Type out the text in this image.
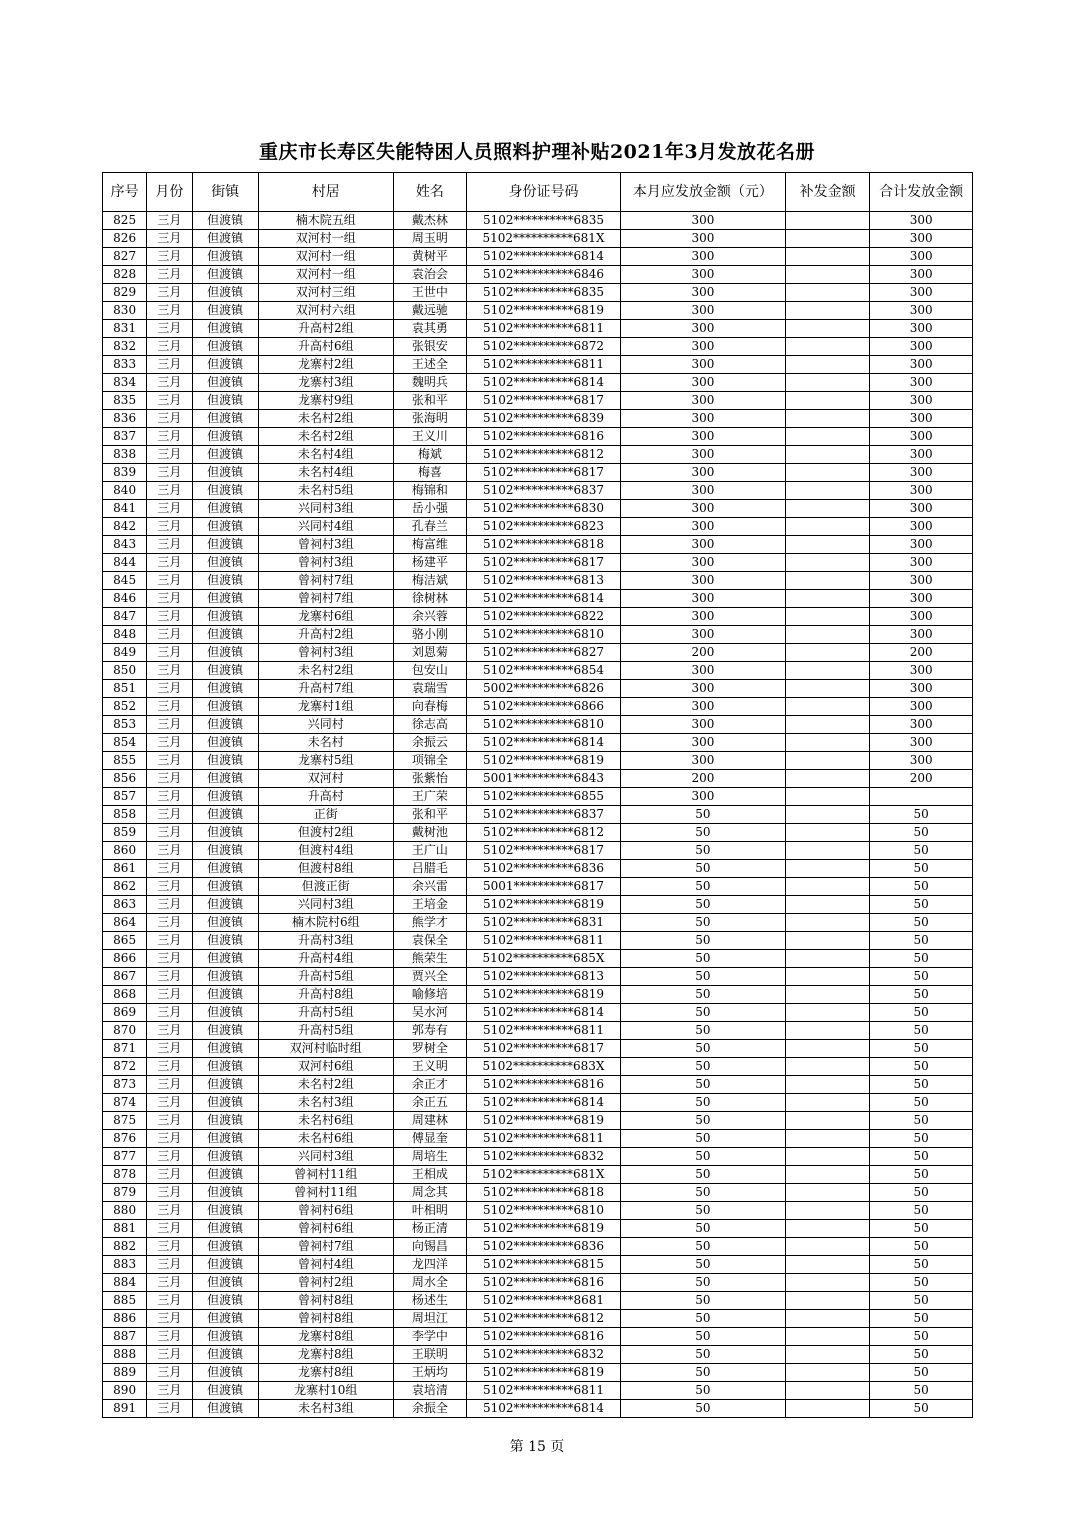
重庆市长寿区失能特困人员照料护理补贴2021年3月发放花名册
序号	月份	街镇	村居	姓名	身份证号码	本月应发放金额（元）	补发金额	合计发放金额
825	三月	但渡镇	楠木院五组	戴杰林	5102**********6835	300		300
826	三月	但渡镇	双河村一组	周玉明	5102**********681X	300		300
827	三月	但渡镇	双河村一组	黄树平	5102**********6814	300		300
828	三月	但渡镇	双河村一组	袁治会	5102**********6846	300		300
829	三月	但渡镇	双河村三组	王世中	5102**********6835	300		300
830	三月	但渡镇	双河村六组	戴远驰	5102**********6819	300		300
831	三月	但渡镇	升高村2组	袁其勇	5102**********6811	300		300
832	三月	但渡镇	升高村6组	张银安	5102**********6872	300		300
833	三月	但渡镇	龙寨村2组	王述全	5102**********6811	300		300
834	三月	但渡镇	龙寨村3组	魏明兵	5102**********6814	300		300
835	三月	但渡镇	龙寨村9组	张和平	5102**********6817	300		300
836	三月	但渡镇	未名村2组	张海明	5102**********6839	300		300
837	三月	但渡镇	未名村2组	王义川	5102**********6816	300		300
838	三月	但渡镇	未名村4组	梅斌	5102**********6812	300		300
839	三月	但渡镇	未名村4组	梅喜	5102**********6817	300		300
840	三月	但渡镇	未名村5组	梅锦和	5102**********6837	300		300
841	三月	但渡镇	兴同村3组	岳小强	5102**********6830	300		300
842	三月	但渡镇	兴同村4组	孔春兰	5102**********6823	300		300
843	三月	但渡镇	曾祠村3组	梅富维	5102**********6818	300		300
844	三月	但渡镇	曾祠村3组	杨建平	5102**********6817	300		300
845	三月	但渡镇	曾祠村7组	梅洁斌	5102**********6813	300		300
846	三月	但渡镇	曾祠村7组	徐树林	5102**********6814	300		300
847	三月	但渡镇	龙寨村6组	余兴蓉	5102**********6822	300		300
848	三月	但渡镇	升高村2组	骆小刚	5102**********6810	300		300
849	三月	但渡镇	曾祠村3组	刘恩菊	5102**********6827	200		200
850	三月	但渡镇	未名村2组	包安山	5102**********6854	300		300
851	三月	但渡镇	升高村7组	袁瑞雪	5002**********6826	300		300
852	三月	但渡镇	龙寨村1组	向春梅	5102**********6866	300		300
853	三月	但渡镇	兴同村	徐志高	5102**********6810	300		300
854	三月	但渡镇	未名村	余振云	5102**********6814	300		300
855	三月	但渡镇	龙寨村5组	项锦全	5102**********6819	300		300
856	三月	但渡镇	双河村	张紫怡	5001**********6843	200		200
857	三月	但渡镇	升高村	王广荣	5102**********6855	300		
858	三月	但渡镇	正街	张和平	5102**********6837	50		50
859	三月	但渡镇	但渡村2组	戴树池	5102**********6812	50		50
860	三月	但渡镇	但渡村4组	王广山	5102**********6817	50		50
861	三月	但渡镇	但渡村8组	吕腊毛	5102**********6836	50		50
862	三月	但渡镇	但渡正街	余兴雷	5001**********6817	50		50
863	三月	但渡镇	兴同村3组	王培金	5102**********6819	50		50
864	三月	但渡镇	楠木院村6组	熊学才	5102**********6831	50		50
865	三月	但渡镇	升高村3组	袁保全	5102**********6811	50		50
866	三月	但渡镇	升高村4组	熊荣生	5102**********685X	50		50
867	三月	但渡镇	升高村5组	贾兴全	5102**********6813	50		50
868	三月	但渡镇	升高村8组	喻修培	5102**********6819	50		50
869	三月	但渡镇	升高村5组	吴水河	5102**********6814	50		50
870	三月	但渡镇	升高村5组	郭寿有	5102**********6811	50		50
871	三月	但渡镇	双河村临时组	罗树全	5102**********6817	50		50
872	三月	但渡镇	双河村6组	王义明	5102**********683X	50		50
873	三月	但渡镇	未名村2组	余正才	5102**********6816	50		50
874	三月	但渡镇	未名村3组	余正五	5102**********6814	50		50
875	三月	但渡镇	未名村6组	周建林	5102**********6819	50		50
876	三月	但渡镇	未名村6组	傅显奎	5102**********6811	50		50
877	三月	但渡镇	兴同村3组	周培生	5102**********6832	50		50
878	三月	但渡镇	曾祠村11组	王相成	5102**********681X	50		50
879	三月	但渡镇	曾祠村11组	周念其	5102**********6818	50		50
880	三月	但渡镇	曾祠村6组	叶相明	5102**********6810	50		50
881	三月	但渡镇	曾祠村6组	杨正清	5102**********6819	50		50
882	三月	但渡镇	曾祠村7组	向锡昌	5102**********6836	50		50
883	三月	但渡镇	曾祠村4组	龙四洋	5102**********6815	50		50
884	三月	但渡镇	曾祠村2组	周水全	5102**********6816	50		50
885	三月	但渡镇	曾祠村8组	杨述生	5102**********8681	50		50
886	三月	但渡镇	曾祠村8组	周坦江	5102**********6812	50		50
887	三月	但渡镇	龙寨村8组	李学中	5102**********6816	50		50
888	三月	但渡镇	龙寨村8组	王联明	5102**********6832	50		50
889	三月	但渡镇	龙寨村8组	王炳均	5102**********6819	50		50
890	三月	但渡镇	龙寨村10组	袁培清	5102**********6811	50		50
891	三月	但渡镇	未名村3组	余振全	5102**********6814	50		50
第 15 页
